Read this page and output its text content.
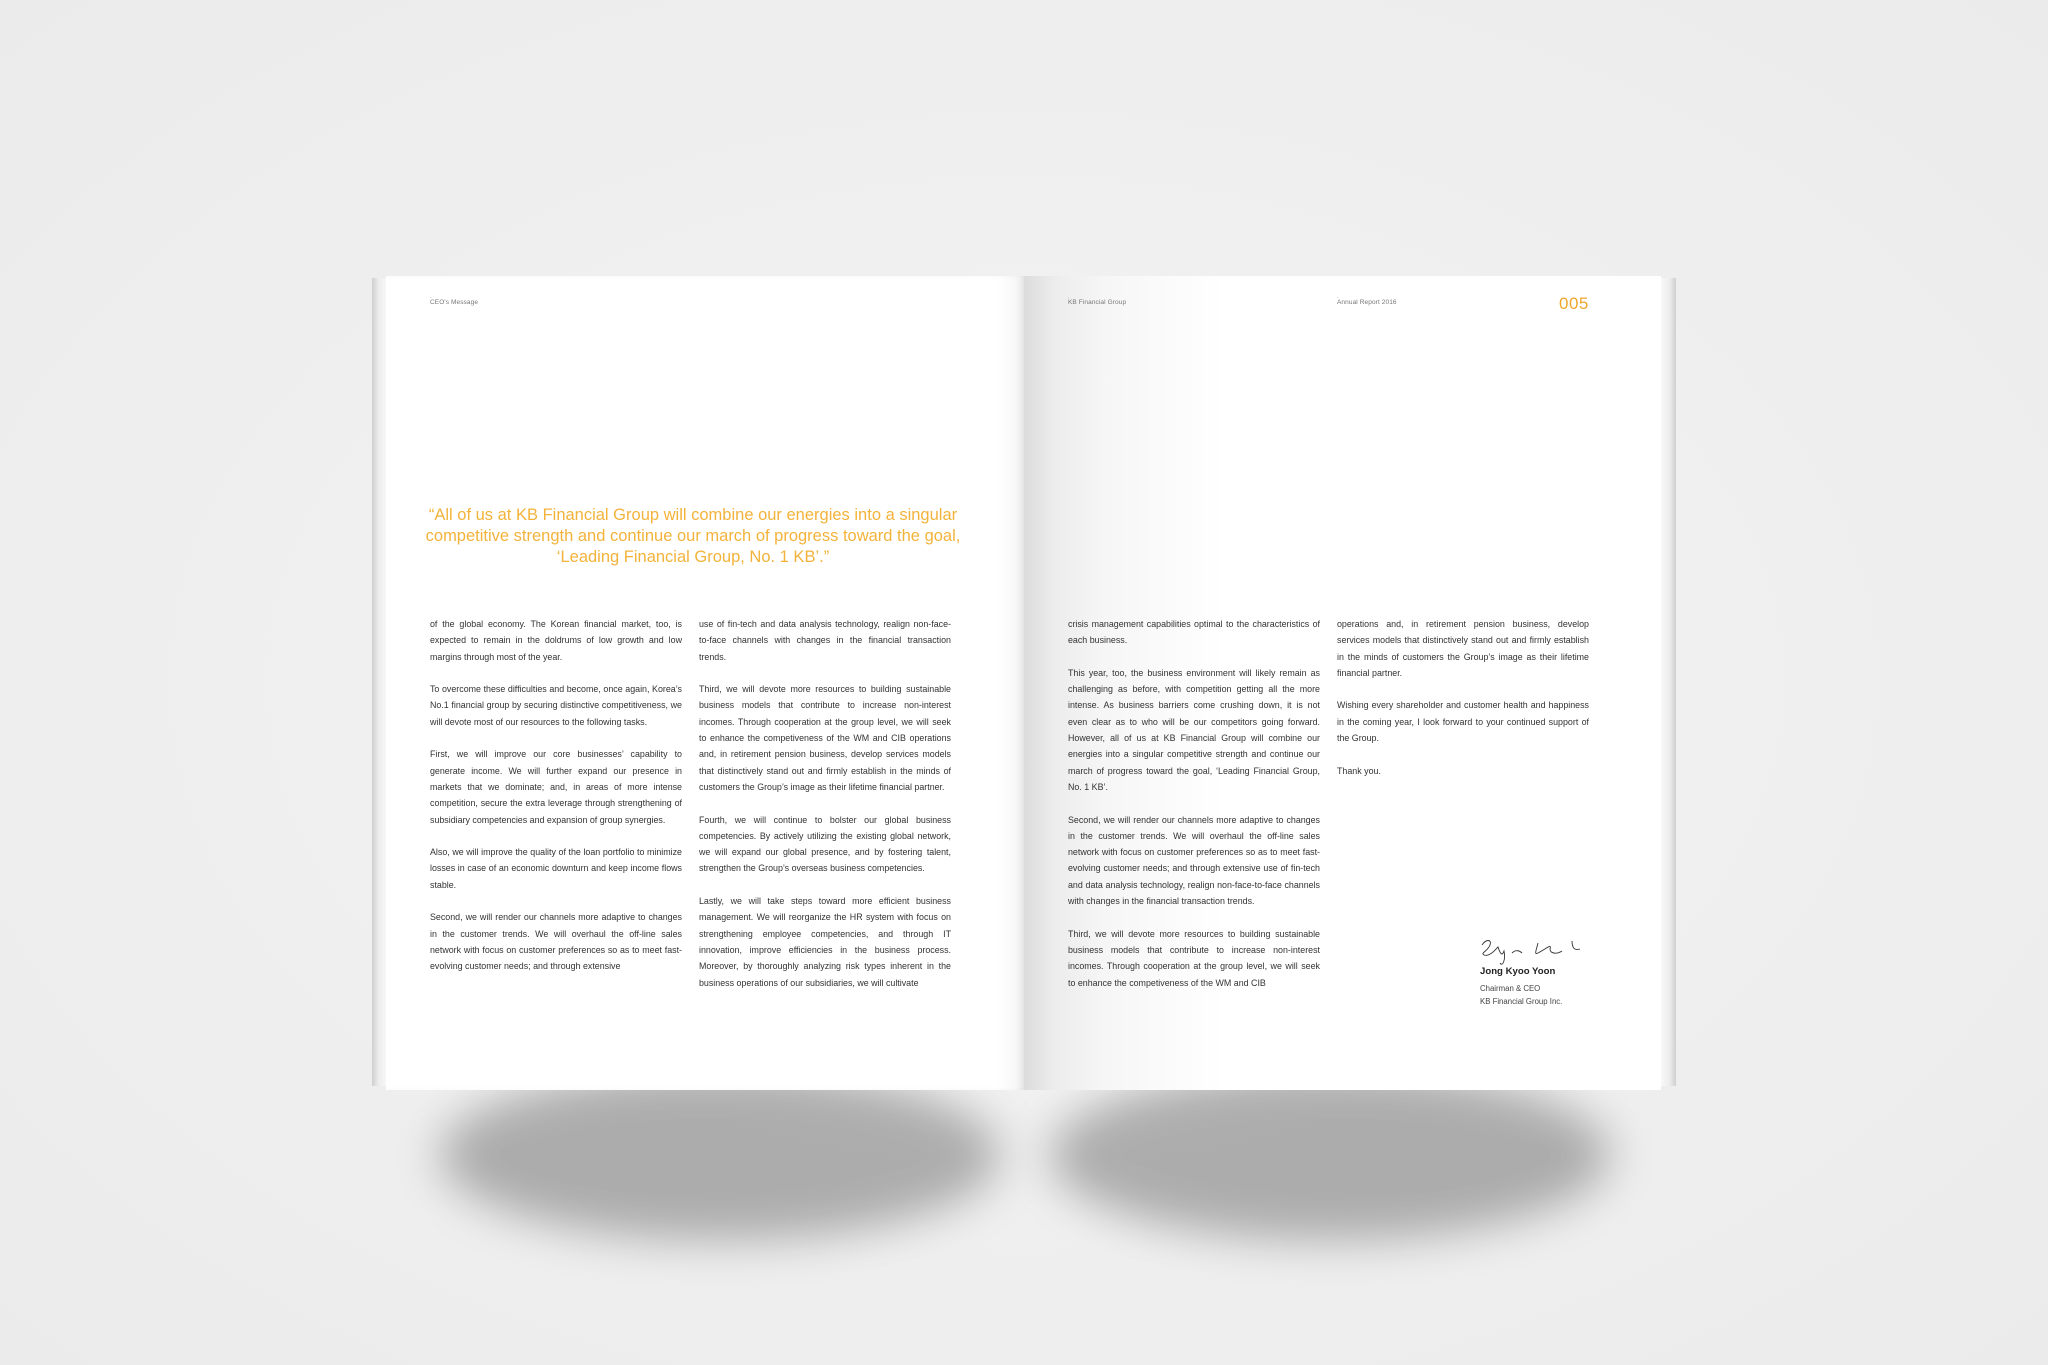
.
CEO's Message
“All of us at KB Financial Group will combine our energies into a singular competitive strength and continue our march of progress toward the goal, ‘Leading Financial Group, No. 1 KB’.”

of the global economy. The Korean financial market, too, is expected to remain in the doldrums of low growth and low margins through most of the year.

To overcome these difficulties and become, once again, Korea’s No.1 financial group by securing distinctive competitiveness, we will devote most of our resources to the following tasks.

First, we will improve our core businesses’ capability to generate income. We will further expand our presence in markets that we dominate; and, in areas of more intense competition, secure the extra leverage through strengthening of subsidiary competencies and expansion of group synergies.

Also, we will improve the quality of the loan portfolio to minimize losses in case of an economic downturn and keep income flows stable.

Second, we will render our channels more adaptive to changes in the customer trends. We will overhaul the off-line sales network with focus on customer preferences so as to meet fast-evolving customer needs; and through extensive

use of fin-tech and data analysis technology, realign non-face-to-face channels with changes in the financial transaction trends.

Third, we will devote more resources to building sustainable business models that contribute to increase non-interest incomes. Through cooperation at the group level, we will seek to enhance the competiveness of the WM and CIB operations and, in retirement pension business, develop services models that distinctively stand out and firmly establish in the minds of customers the Group’s image as their lifetime financial partner.

Fourth, we will continue to bolster our global business competencies. By actively utilizing the existing global network, we will expand our global presence, and by fostering talent, strengthen the Group’s overseas business competencies.

Lastly, we will take steps toward more efficient business management. We will reorganize the HR system with focus on strengthening employee competencies, and through IT innovation, improve efficiencies in the business process. Moreover, by thoroughly analyzing risk types inherent in the business operations of our subsidiaries, we will cultivate

.
KB Financial Group
.
Annual Report 2016	005

crisis management capabilities optimal to the characteristics of each business.

This year, too, the business environment will likely remain as challenging as before, with competition getting all the more intense. As business barriers come crushing down, it is not even clear as to who will be our competitors going forward. However, all of us at KB Financial Group will combine our energies into a singular competitive strength and continue our march of progress toward the goal, ‘Leading Financial Group, No. 1 KB’.

Second, we will render our channels more adaptive to changes in the customer trends. We will overhaul the off-line sales network with focus on customer preferences so as to meet fast-evolving customer needs; and through extensive use of fin-tech and data analysis technology, realign non-face-to-face channels with changes in the financial transaction trends.

Third, we will devote more resources to building sustainable business models that contribute to increase non-interest incomes. Through cooperation at the group level, we will seek to enhance the competiveness of the WM and CIB

operations and, in retirement pension business, develop services models that distinctively stand out and firmly establish in the minds of customers the Group’s image as their lifetime financial partner.

Wishing every shareholder and customer health and happiness in the coming year, I look forward to your continued support of the Group.

Thank you.

Jong Kyoo Yoon
Chairman & CEO
KB Financial Group Inc.
